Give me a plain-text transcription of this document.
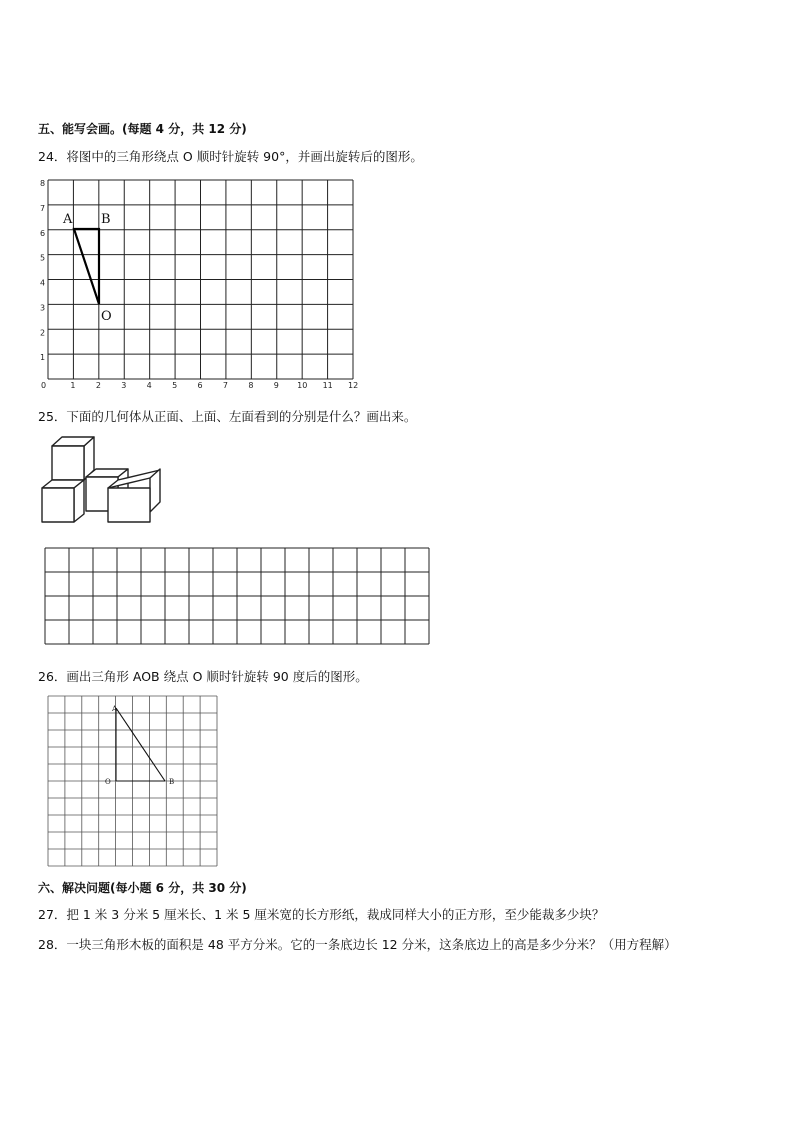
五、能写会画。(每题 4 分，共 12 分)
24．将图中的三角形绕点 O 顺时针旋转 90°，并画出旋转后的图形。
0	1	2	3	4	5	6	7	8	9 10 11 12
1
2
3
4
5
6
7
8
A B
O
25．下面的几何体从正面、上面、左面看到的分别是什么？画出来。
26．画出三角形 AOB 绕点 O 顺时针旋转 90 度后的图形。
A
O	B
六、解决问题(每小题 6 分，共 30 分)
27．把 1 米 3 分米 5 厘米长、1 米 5 厘米宽的长方形纸，裁成同样大小的正方形，至少能裁多少块？
28．一块三角形木板的面积是 48 平方分米。它的一条底边长 12 分米，这条底边上的高是多少分米？（用方程解）
